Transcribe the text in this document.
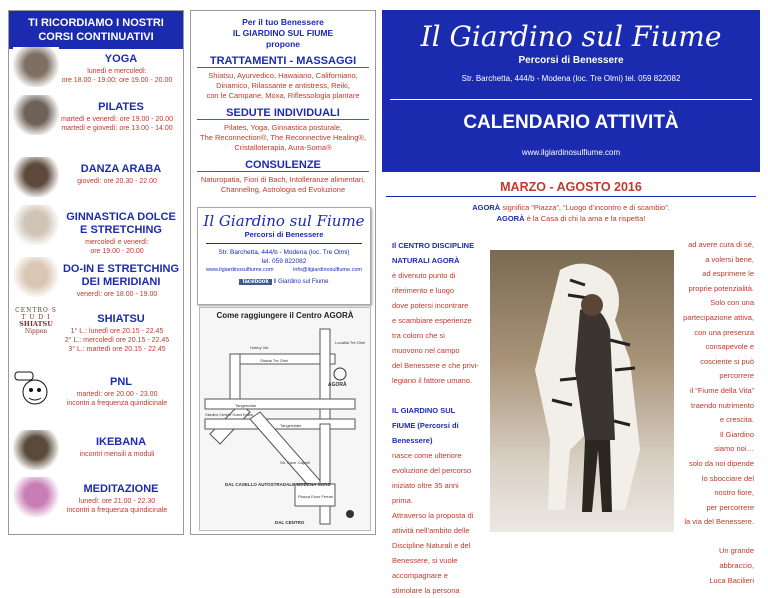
TI RICORDIAMO I NOSTRI
CORSI CONTINUATIVI
YOGA
lunedì e mercoledì:
ore 18.00 - 19.00; ore 19.00 - 20.00
PILATES
martedì e venerdì: ore 19.00 - 20.00
martedì e giovedì: ore 13.00 - 14.00
DANZA ARABA
giovedì: ore 20.30 - 22.00
GINNASTICA DOLCE
E STRETCHING
mercoledì e venerdì:
ore 19.00 - 20.00
DO-IN E STRETCHING
DEI MERIDIANI
venerdì: ore 18.00 - 19.00
SHIATSU
1° L.: lunedì ore 20.15 - 22.45
2° L.: mercoledì ore 20.15 - 22.45
3° L.: martedì ore 20.15 - 22.45
CENTRO S T U D I
SHIATSU
Nippon
PNL
martedì: ore 20.00 - 23.00
incontri a frequenza quindicinale
IKEBANA
incontri mensili a moduli
MEDITAZIONE
lunedì: ore 21.00 - 22.30
incontri a frequenza quindicinale
Per il tuo Benessere
IL GIARDINO SUL FIUME
propone
TRATTAMENTI - MASSAGGI
Shiatsu, Ayurvedico, Hawaiano, Californiano,
Dinamico, Rilassante e antistress, Reiki,
con le Campane, Moxa, Riflessologia plantare
SEDUTE INDIVIDUALI
Pilates, Yoga, Ginnastica posturale,
The Reconnection®, The Reconnective Healing®,
Cristalloterapia, Aura-Soma®
CONSULENZE
Naturopatia, Fiori di Bach, Intolleranze alimentari,
Channeling, Astrologia ed Evoluzione
Il Giardino sul Fiume
Percorsi di Benessere
Str. Barchetta, 444/b - Modena (loc. Tre Olmi)
tel. 059 822082
www.ilgiardinosulfiume.com	info@ilgiardinosulfiume.com
facebook Il Giardino sul Fiume
Come raggiungere il Centro AGORÀ
Hobby Vel.
Strada Tre Olmi
Località Tre Olmi
AGORÀ
Tangenziale
Tangenziale
Giardino Centri e Grand Emilia
Str. Cave Capelli
DAL CASELLO AUTOSTRADALE MODENA NORD
Piazza Enzo Ferrari
DAL CENTRO
Il Giardino sul Fiume
Percorsi di Benessere
Str. Barchetta, 444/b - Modena (loc. Tre Olmi) tel. 059 822082
CALENDARIO ATTIVITÀ
www.ilgiardinosulfiume.com
MARZO - AGOSTO 2016
AGORÀ significa “Piazza”, “Luogo d’incontro e di scambio”.
AGORÀ è la Casa di chi la ama e la rispetta!
Il CENTRO DISCIPLINE
NATURALI AGORÀ
è divenuto punto di
riferimento e luogo
dove potersi incontrare
e scambiare esperienze
tra coloro che si
muovono nel campo
del Benessere e che privi-
legiano il fattore umano.
IL GIARDINO SUL
FIUME (Percorsi di
Benessere)
nasce come ulteriore
evoluzione del percorso
iniziato oltre 35 anni
prima.
Attraverso la proposta di
attività nell’ambito delle
Discipline Naturali e del
Benessere, si vuole
accompagnare e
stimolare la persona
ad avere cura di sé,
a volersi bene,
ad esprimere le
proprie potenzialità.
Solo con una
partecipazione attiva,
con una presenza
consapevole e
cosciente si può
percorrere
il “Fiume della Vita”
traendo nutrimento
e crescita.
Il Giardino
siamo noi…
solo da noi dipende
lo sbocciare del
nostro fiore,
per percorrere
la via del Benessere.
Un grande
abbraccio,
Luca Bacilieri
